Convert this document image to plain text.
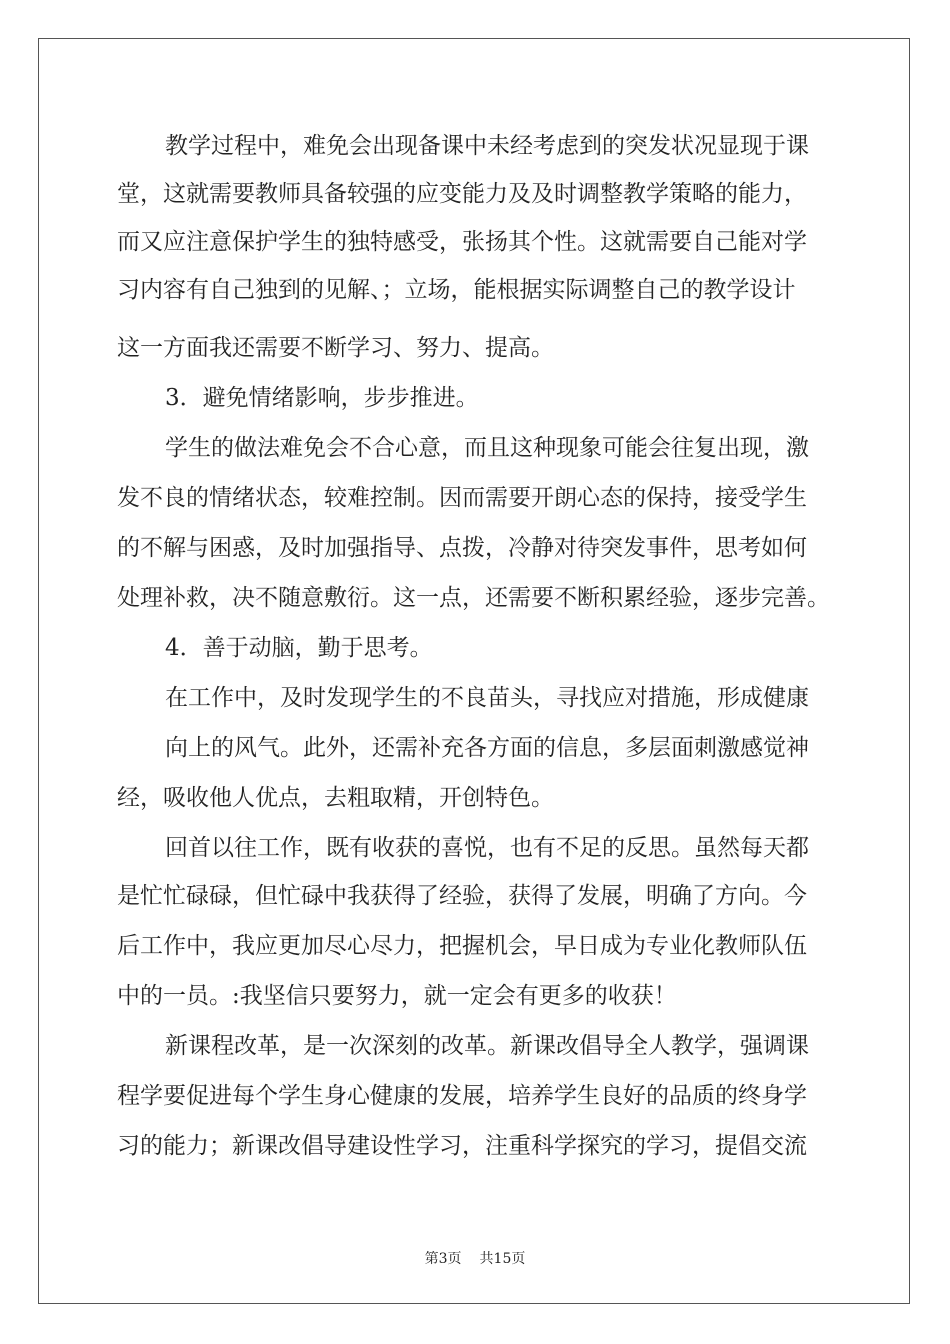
教学过程中，难免会出现备课中未经考虑到的突发状况显现于课
堂，这就需要教师具备较强的应变能力及及时调整教学策略的能力，
而又应注意保护学生的独特感受，张扬其个性。这就需要自己能对学
习内容有自己独到的见解、；立场，能根据实际调整自己的教学设计
这一方面我还需要不断学习、努力、提高。
3．避免情绪影响，步步推进。
学生的做法难免会不合心意，而且这种现象可能会往复出现，激
发不良的情绪状态，较难控制。因而需要开朗心态的保持，接受学生
的不解与困惑，及时加强指导、点拨，冷静对待突发事件，思考如何
处理补救，决不随意敷衍。这一点，还需要不断积累经验，逐步完善。
4．善于动脑，勤于思考。
在工作中，及时发现学生的不良苗头，寻找应对措施，形成健康
向上的风气。此外，还需补充各方面的信息，多层面刺激感觉神
经，吸收他人优点，去粗取精，开创特色。
回首以往工作，既有收获的喜悦，也有不足的反思。虽然每天都
是忙忙碌碌，但忙碌中我获得了经验，获得了发展，明确了方向。今
后工作中，我应更加尽心尽力，把握机会，早日成为专业化教师队伍
中的一员。:我坚信只要努力，就一定会有更多的收获！
新课程改革，是一次深刻的改革。新课改倡导全人教学，强调课
程学要促进每个学生身心健康的发展，培养学生良好的品质的终身学
习的能力；新课改倡导建设性学习，注重科学探究的学习，提倡交流
第3页 共15页
